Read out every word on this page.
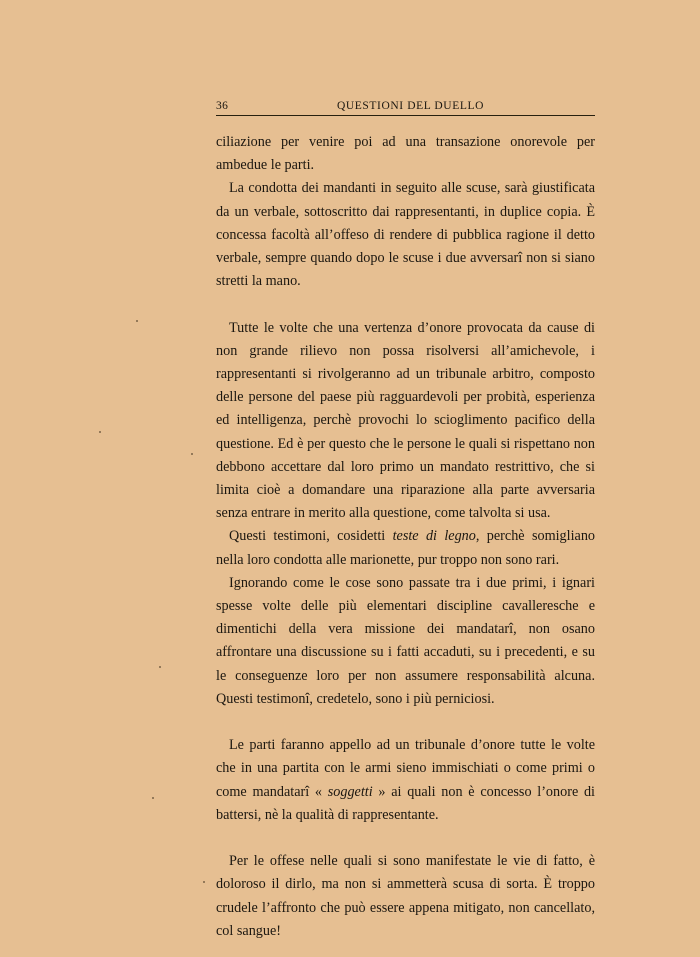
36	QUESTIONI DEL DUELLO

ciliazione per venire poi ad una transazione onorevole per ambedue le parti.

La condotta dei mandanti in seguito alle scuse, sarà giustificata da un verbale, sottoscritto dai rappresentanti, in duplice copia. È concessa facoltà all’offeso di rendere di pubblica ragione il detto verbale, sempre quando dopo le scuse i due avversarî non si siano stretti la mano.

Tutte le volte che una vertenza d’onore provocata da cause di non grande rilievo non possa risolversi all’amichevole, i rappresentanti si rivolgeranno ad un tribunale arbitro, composto delle persone del paese più ragguardevoli per probità, esperienza ed intelligenza, perchè provochi lo scioglimento pacifico della questione. Ed è per questo che le persone le quali si rispettano non debbono accettare dal loro primo un mandato restrittivo, che si limita cioè a domandare una riparazione alla parte avversaria senza entrare in merito alla questione, come talvolta si usa.

Questi testimoni, cosidetti teste di legno, perchè somigliano nella loro condotta alle marionette, pur troppo non sono rari.

Ignorando come le cose sono passate tra i due primi, i ignari spesse volte delle più elementari discipline cavalleresche e dimentichi della vera missione dei mandatarî, non osano affrontare una discussione su i fatti accaduti, su i precedenti, e su le conseguenze loro per non assumere responsabilità alcuna. Questi testimonî, credetelo, sono i più perniciosi.

Le parti faranno appello ad un tribunale d’onore tutte le volte che in una partita con le armi sieno immischiati o come primi o come mandatarî « soggetti » ai quali non è concesso l’onore di battersi, nè la qualità di rappresentante.

Per le offese nelle quali si sono manifestate le vie di fatto, è doloroso il dirlo, ma non si ammetterà scusa di sorta. È troppo crudele l’affronto che può essere appena mitigato, non cancellato, col sangue!
